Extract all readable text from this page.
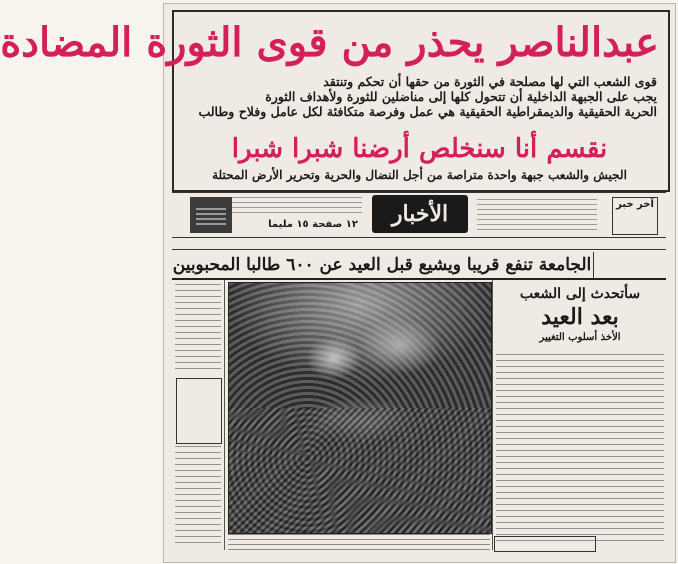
عبدالناصر يحذر من قوى الثورة المضادة
قوى الشعب التي لها مصلحة في الثورة من حقها أن تحكم وتنتقد
يجب على الجبهة الداخلية أن تتحول كلها إلى مناضلين للثورة ولأهداف الثورة
الحرية الحقيقية والديمقراطية الحقيقية هي عمل وفرصة متكافئة لكل عامل وفلاح وطالب
نقسم أنا سنخلص أرضنا شبرا شبرا
الجيش والشعب جبهة واحدة متراصة من أجل النضال والحرية وتحرير الأرض المحتلة
١٢ صفحة ١٥ مليما	الأخبار	آخر خبر
الجامعة تنفع قريبا ويشيع قبل العيد عن ٦٠٠ طالبا المحبوبين
سأتحدث إلى الشعب
بعد العيد
الأخذ أسلوب التغيير
